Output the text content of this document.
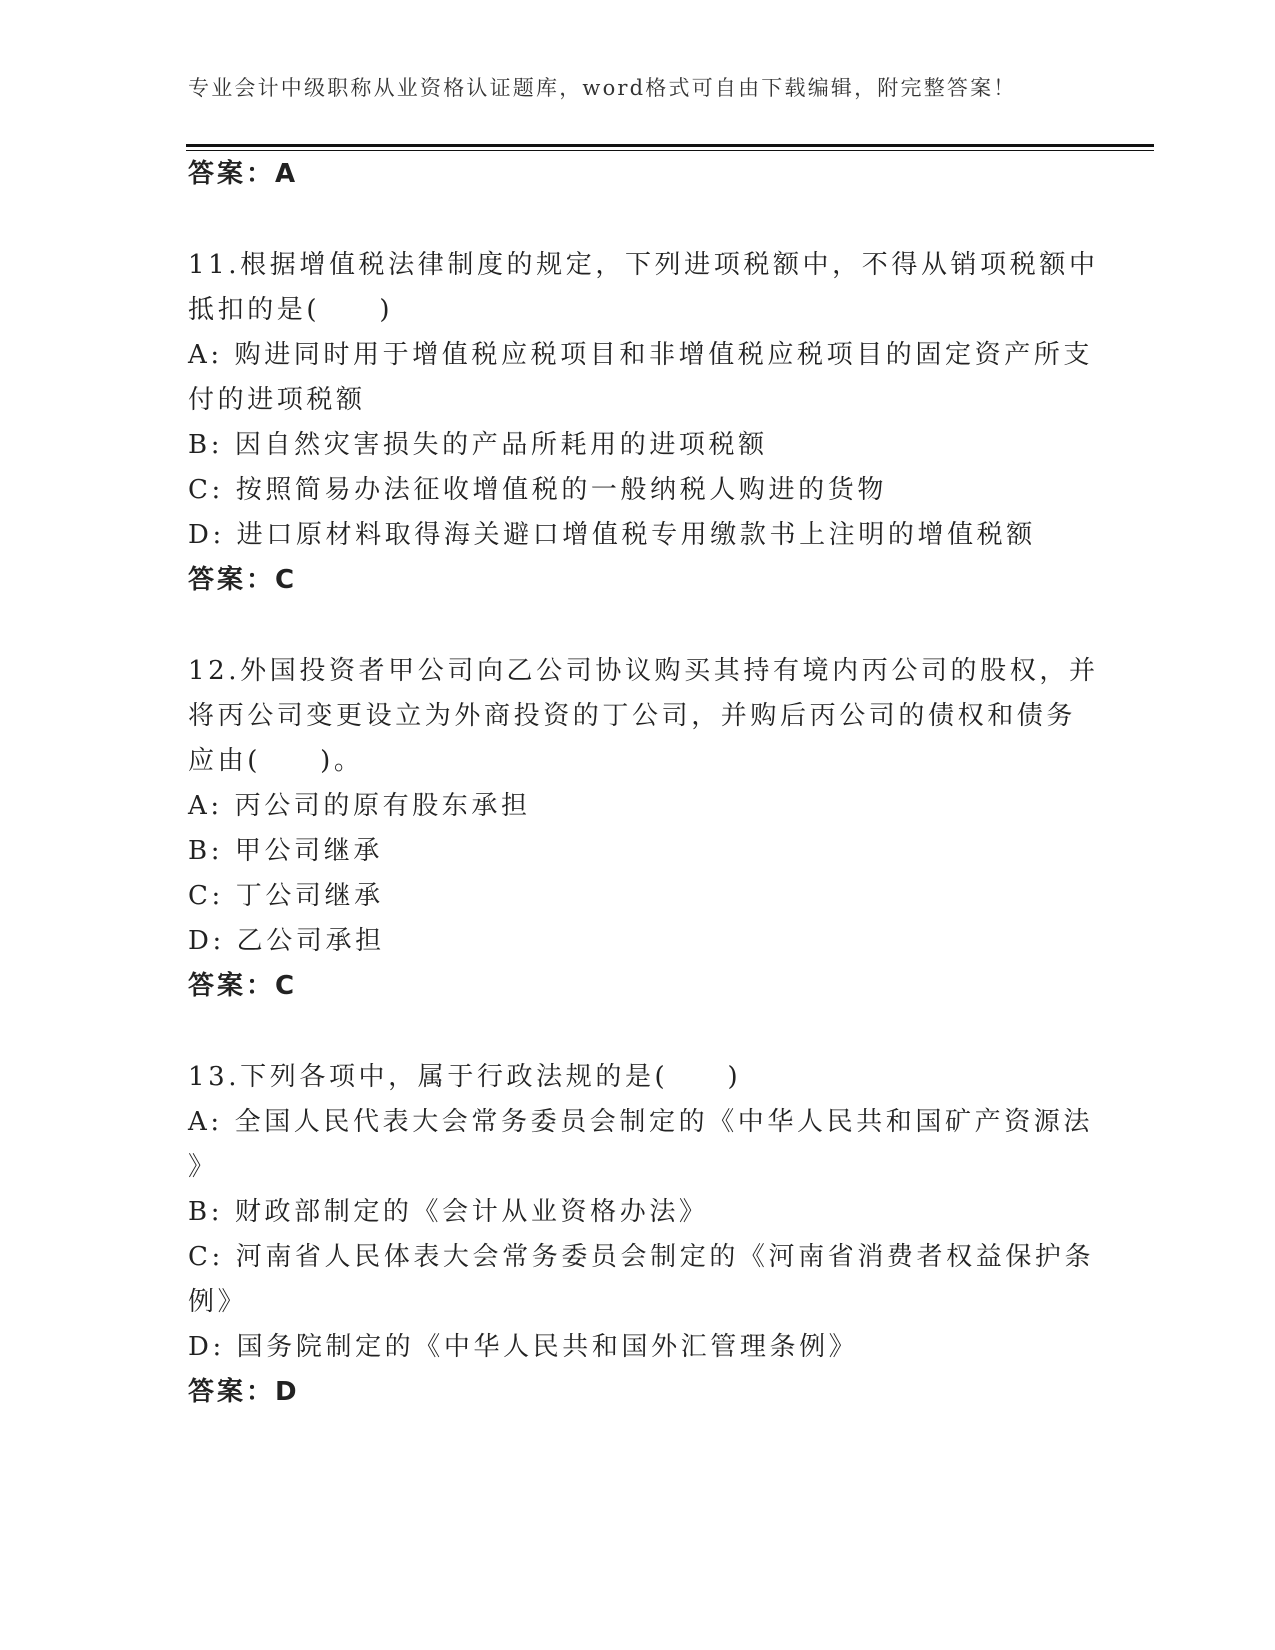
专业会计中级职称从业资格认证题库，word格式可自由下载编辑，附完整答案！
答案：A
11.根据增值税法律制度的规定，下列进项税额中，不得从销项税额中
抵扣的是(　　)
A: 购进同时用于增值税应税项目和非增值税应税项目的固定资产所支
付的进项税额
B: 因自然灾害损失的产品所耗用的进项税额
C: 按照简易办法征收增值税的一般纳税人购进的货物
D: 进口原材料取得海关避口增值税专用缴款书上注明的增值税额
答案：C
12.外国投资者甲公司向乙公司协议购买其持有境内丙公司的股权，并
将丙公司变更设立为外商投资的丁公司，并购后丙公司的债权和债务
应由(　　)。
A: 丙公司的原有股东承担
B: 甲公司继承
C: 丁公司继承
D: 乙公司承担
答案：C
13.下列各项中，属于行政法规的是(　　)
A: 全国人民代表大会常务委员会制定的《中华人民共和国矿产资源法
》
B: 财政部制定的《会计从业资格办法》
C: 河南省人民体表大会常务委员会制定的《河南省消费者权益保护条
例》
D: 国务院制定的《中华人民共和国外汇管理条例》
答案：D
